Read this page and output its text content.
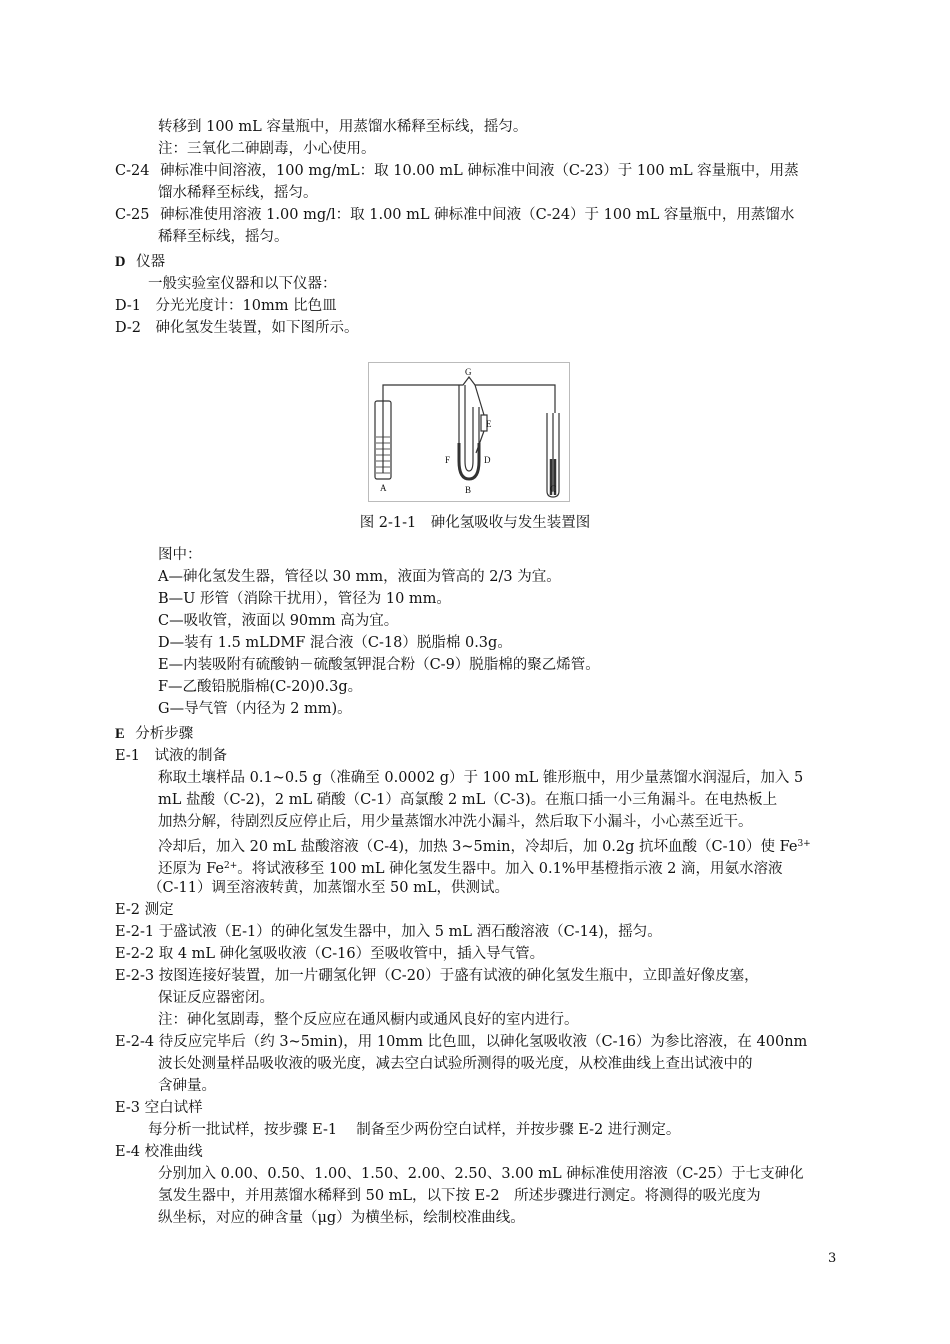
转移到 100 mL 容量瓶中，用蒸馏水稀释至标线，摇匀。
注：三氧化二砷剧毒，小心使用。
C-24 砷标准中间溶液，100 mg/mL：取 10.00 mL 砷标准中间液（C-23）于 100 mL 容量瓶中，用蒸
馏水稀释至标线，摇匀。
C-25 砷标准使用溶液 1.00 mg/l：取 1.00 mL 砷标准中间液（C-24）于 100 mL 容量瓶中，用蒸馏水
稀释至标线，摇匀。
D 仪器
一般实验室仪器和以下仪器：
D-1　分光光度计：10mm 比色皿
D-2　砷化氢发生装置，如下图所示。
A	B	C
D
E
F
G
图 2-1-1　砷化氢吸收与发生装置图
图中：
A—砷化氢发生器，管径以 30 mm，液面为管高的 2/3 为宜。
B—U 形管（消除干扰用），管径为 10 mm。
C—吸收管，液面以 90mm 高为宜。
D—装有 1.5 mLDMF 混合液（C-18）脱脂棉 0.3g。
E—内装吸附有硫酸钠－硫酸氢钾混合粉（C-9）脱脂棉的聚乙烯管。
F—乙酸铅脱脂棉(C-20)0.3g。
G—导气管（内径为 2 mm)。
E 分析步骤
E-1　试液的制备
称取土壤样品 0.1~0.5 g（准确至 0.0002 g）于 100 mL 锥形瓶中，用少量蒸馏水润湿后，加入 5
mL 盐酸（C-2)，2 mL 硝酸（C-1）高氯酸 2 mL（C-3)。在瓶口插一小三角漏斗。在电热板上
加热分解，待剧烈反应停止后，用少量蒸馏水冲洗小漏斗，然后取下小漏斗，小心蒸至近干。
冷却后，加入 20 mL 盐酸溶液（C-4)，加热 3~5min，冷却后，加 0.2g 抗坏血酸（C-10）使 $Fe^{3+}$
还原为 $Fe^{2+}$。将试液移至 100 mL 砷化氢发生器中。加入 0.1%甲基橙指示液 2 滴，用氨水溶液
（C-11）调至溶液转黄，加蒸馏水至 50 mL，供测试。
E-2 测定
E-2-1 于盛试液（E-1）的砷化氢发生器中，加入 5 mL 酒石酸溶液（C-14)，摇匀。
E-2-2 取 4 mL 砷化氢吸收液（C-16）至吸收管中，插入导气管。
E-2-3 按图连接好装置，加一片硼氢化钾（C-20）于盛有试液的砷化氢发生瓶中，立即盖好像皮塞，
保证反应器密闭。
注：砷化氢剧毒，整个反应应在通风橱内或通风良好的室内进行。
E-2-4 待反应完毕后（约 3~5min)，用 10mm 比色皿，以砷化氢吸收液（C-16）为参比溶液，在 400nm
波长处测量样品吸收液的吸光度，减去空白试验所测得的吸光度，从校准曲线上查出试液中的
含砷量。
E-3 空白试样
每分析一批试样，按步骤 E-1　 制备至少两份空白试样，并按步骤 E-2 进行测定。
E-4 校准曲线
分别加入 0.00、0.50、1.00、1.50、2.00、2.50、3.00 mL 砷标准使用溶液（C-25）于七支砷化
氢发生器中，并用蒸馏水稀释到 50 mL，以下按 E-2　所述步骤进行测定。将测得的吸光度为
纵坐标，对应的砷含量（μg）为横坐标，绘制校准曲线。
3
